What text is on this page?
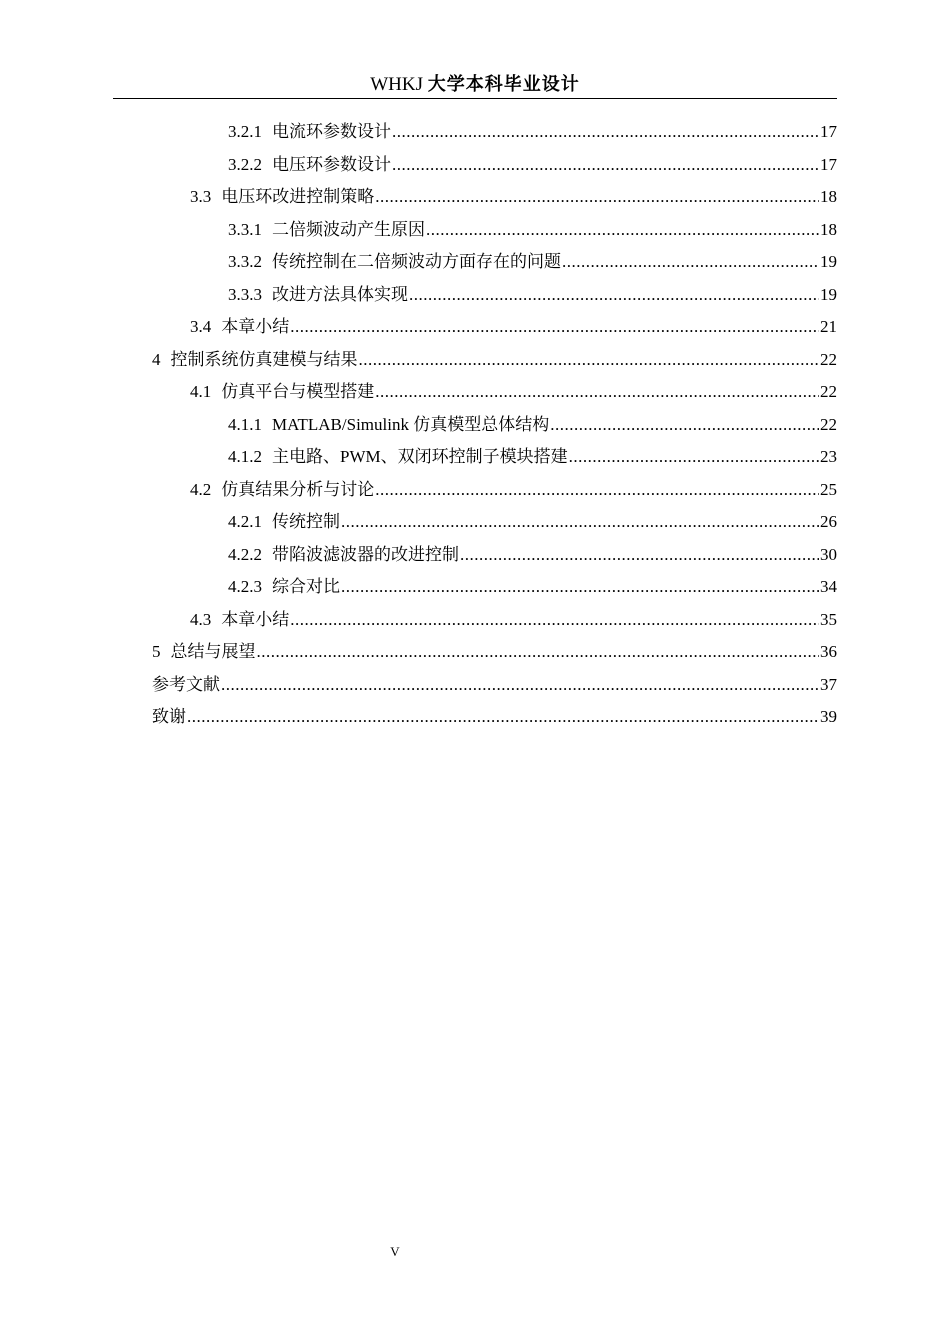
WHKJ 大学本科毕业设计
3.2.1 电流环参数设计 .....	17
3.2.2 电压环参数设计 .....	17
3.3 电压环改进控制策略 .....	18
3.3.1 二倍频波动产生原因 .....	18
3.3.2 传统控制在二倍频波动方面存在的问题 .....	19
3.3.3 改进方法具体实现 .....	19
3.4 本章小结 .....	21
4 控制系统仿真建模与结果 .....	22
4.1 仿真平台与模型搭建 .....	22
4.1.1 MATLAB/Simulink 仿真模型总体结构 .....	22
4.1.2 主电路、PWM、双闭环控制子模块搭建 .....	23
4.2 仿真结果分析与讨论 .....	25
4.2.1 传统控制 .....	26
4.2.2 带陷波滤波器的改进控制 .....	30
4.2.3 综合对比 .....	34
4.3 本章小结 .....	35
5 总结与展望 .....	36
参考文献 .....	37
致谢 .....	39
V
